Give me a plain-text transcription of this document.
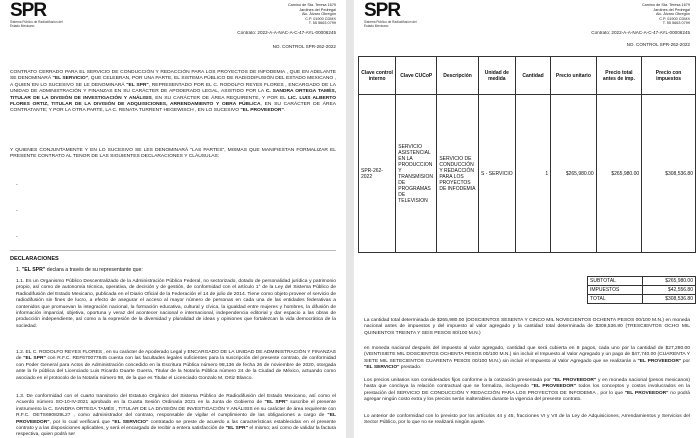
SPR
Sistema Público de Radiodifusión del Estado Mexicano
Camino de Sta. Teresa 1679
Jardines del Pedregal
Alc. Álvaro Obregón
C.P. 01900 CDMX
T. 55 5663 0799
Contrato: 2022-A-A-NAC-A-C-47-AYL-00006245
NO. CONTROL SPR-262-2022
CONTRATO CERRADO PARA EL SERVICIO DE CONDUCCIÓN Y REDACCIÓN PARA LOS PROYECTOS DE INFODEMIA , QUE EN ADELANTE SE DENOMINARÁ "EL SERVICIO", QUE CELEBRAN, POR UNA PARTE, EL SISTEMA PÚBLICO DE RADIODIFUSIÓN DEL ESTADO MEXICANO , A QUIEN EN LO SUCESIVO SE LE DENOMINARÁ "EL SPR", REPRESENTADO POR EL C. RODOLFO REYES FLORES , ENCARGADO DE LA UNIDAD DE ADMINISTRACIÓN Y FINANZAS EN SU CARÁCTER DE APODERADO LEGAL, ASISTIDO POR LA C. SANDRA ORTEGA TAMÉS, TITULAR DE LA DIVISIÓN DE INVESTIGACIÓN Y ANÁLISIS, EN SU CARÁCTER DE ÁREA REQUIRENTE, Y POR EL LIC. LUIS ALBERTO FLORES ORTIZ, TITULAR DE LA DIVISIÓN DE ADQUISICIONES, ARRENDAMIENTO Y OBRA PÚBLICA, EN SU CARÁCTER DE ÁREA CONTRATANTE; Y POR LA OTRA PARTE, LA C. RENATA TURRENT HEGEWISCH , EN LO SUCESIVO "EL PROVEEDOR".
Y QUIENES CONJUNTAMENTE Y EN LO SUCESIVO SE LES DENOMINARÁ "LAS PARTES", MISMAS QUE MANIFIESTAN FORMALIZAR EL PRESENTE CONTRATO AL TENOR DE LAS SIGUIENTES DECLARACIONES Y CLÁUSULAS:
-
-
-
DECLARACIONES
1. "EL SPR" declara a través de su representante que:
1.1. Es un Organismo Público Descentralizado de la Administración Pública Federal, no sectorizado, dotado de personalidad jurídica y patrimonio propio, así como de autonomía técnica, operativa, de decisión y de gestión, de conformidad con el artículo 1° de la Ley del Sistema Público de Radiodifusión del Estado Mexicano, publicada en el Diario Oficial de la Federación el 14 de julio de 2014. Tiene como objeto proveer el servicio de radiodifusión sin fines de lucro, a efecto de asegurar el acceso al mayor número de personas en cada una de las entidades federativas a contenidos que promuevan la integración nacional, la formación educativa, cultural y cívica, la igualdad entre mujeres y hombres, la difusión de información imparcial, objetiva, oportuna y veraz del acontecer nacional e internacional, independencia editorial y dar espacio a las obras de producción independiente, así como a la expresión de la diversidad y pluralidad de ideas y opiniones que fortalezcan la vida democrática de la sociedad.
1.2. EL C. RODOLFO REYES FLORES , en su carácter de Apoderado Legal y ENCARGADO DE LA UNIDAD DE ADMINISTRACIÓN Y FINANZAS de "EL SPR" con R.F.C. REF670077845 cuenta con las facultades legales suficientes para la suscripción del presente contrato, de conformidad con Poder General para Actos de Administración concedido en la Escritura Pública número 98,136 de fecha 26 de noviembre de 2020, otorgada ante la fe pública del Licenciado Luis Ricardo Duarte Guerra, Titular de la Notaría Pública número 24 de la Ciudad de México, actuando como asociado en el protocolo de la Notaría número 98, de la que es Titular el Licenciado Gonzalo M. Ortiz Blanco.
1.3. De conformidad con el cuarto transitorio del Estatuto Orgánico del Sistema Público de Radiodifusión del Estado Mexicano, así como el Acuerdo número SO-10-IV-2021 aprobado en la Cuarta Sesión Ordinaria 2021 en la Junta de Gobierno de "EL SPR" suscribe el presente instrumento la C. SANDRA ORTEGA TAMÉS , TITULAR DE LA DIVISIÓN DE INVESTIGACIÓN Y ANÁLISIS en su carácter de área requirente con R.F.C. OETS690829L27 , como administrador del contrato, responsable de vigilar el cumplimiento de las obligaciones a cargo de "EL PROVEEDOR", por lo cual verificará que "EL SERVICIO" contratado se preste de acuerdo a las características establecidas en el presente contrato y a las disposiciones aplicables, y será el encargado de recibir a entera satisfacción de "EL SPR" el mismo; así como de validar la factura respectiva, quien podrá ser
SPR
Sistema Público de Radiodifusión del Estado Mexicano
Camino de Sta. Teresa 1679
Jardines del Pedregal
Alc. Álvaro Obregón
C.P. 01900 CDMX
T. 55 5663 0799
Contrato: 2022-A-A-NAC-A-C-47-AYL-00006245
NO. CONTROL SPR-262-2022
Clave control interno	Clave CUCoP	Descripción	Unidad de medida	Cantidad	Precio unitario	Precio total antes de imp.	Precio con impuestos
SPR-262-2022	SERVICIO ASISTENCIAL EN LA PRODUCCION Y TRANSMISION DE PROGRAMAS DE TELEVISION	SERVICIO DE CONDUCCIÓN Y REDACCIÓN PARA LOS PROYECTOS DE INFODEMIA	S - SERVICIO	1	$265,980.00	$265,980.00	$308,536.80
SUBTOTAL	$265,980.00
IMPUESTOS	$42,556.80
TOTAL	$308,536.80
La cantidad total determinada de $265,980.00 (DOSCIENTOS SESENTA Y CINCO MIL NOVECIENTOS OCHENTA PESOS 00/100 M.N.) en moneda nacional antes de impuestos y del impuesto al valor agregado y la cantidad total determinada de $308,536.80 (TRESCIENTOS OCHO MIL QUINIENTOS TREINTA Y SEIS PESOS 80/100 M.N.)
en moneda nacional después del impuesto al valor agregado, cantidad que será cubierta en 8 pagos, cada uno por la cantidad de $27,280.00 (VEINTISIETE MIL DOSCIENTOS OCHENTA PESOS 00/100 M.N.) sin incluir el Impuesto al Valor Agregado y un pago de $47,740.00 (CUARENTA Y SIETE MIL SETECIENTOS CUARENTA PESOS 00/100 M.N.) sin incluir el Impuesto al Valor Agregado que se realizarán a "EL PROVEEDOR" por "EL SERVICIO" prestado.
Los precios unitarios son considerados fijos conforme a la cotización presentada por "EL PROVEEDOR" y en moneda nacional (pesos mexicanos) hasta que concluya la relación contractual que se formaliza, incluyendo "EL PROVEEDOR" todos los conceptos y costos involucrados en la prestación del SERVICIO DE CONDUCCIÓN Y REDACCIÓN PARA LOS PROYECTOS DE INFODEMIA , por lo que "EL PROVEEDOR" no podrá agregar ningún costo extra y los precios serán inalterables durante la vigencia del presente contrato.
Lo anterior de conformidad con lo previsto por los artículos 44 y 45, fracciones VI y VII de la Ley de Adquisiciones, Arrendamientos y Servicios del Sector Público, por lo que no se realizará ningún ajuste.
